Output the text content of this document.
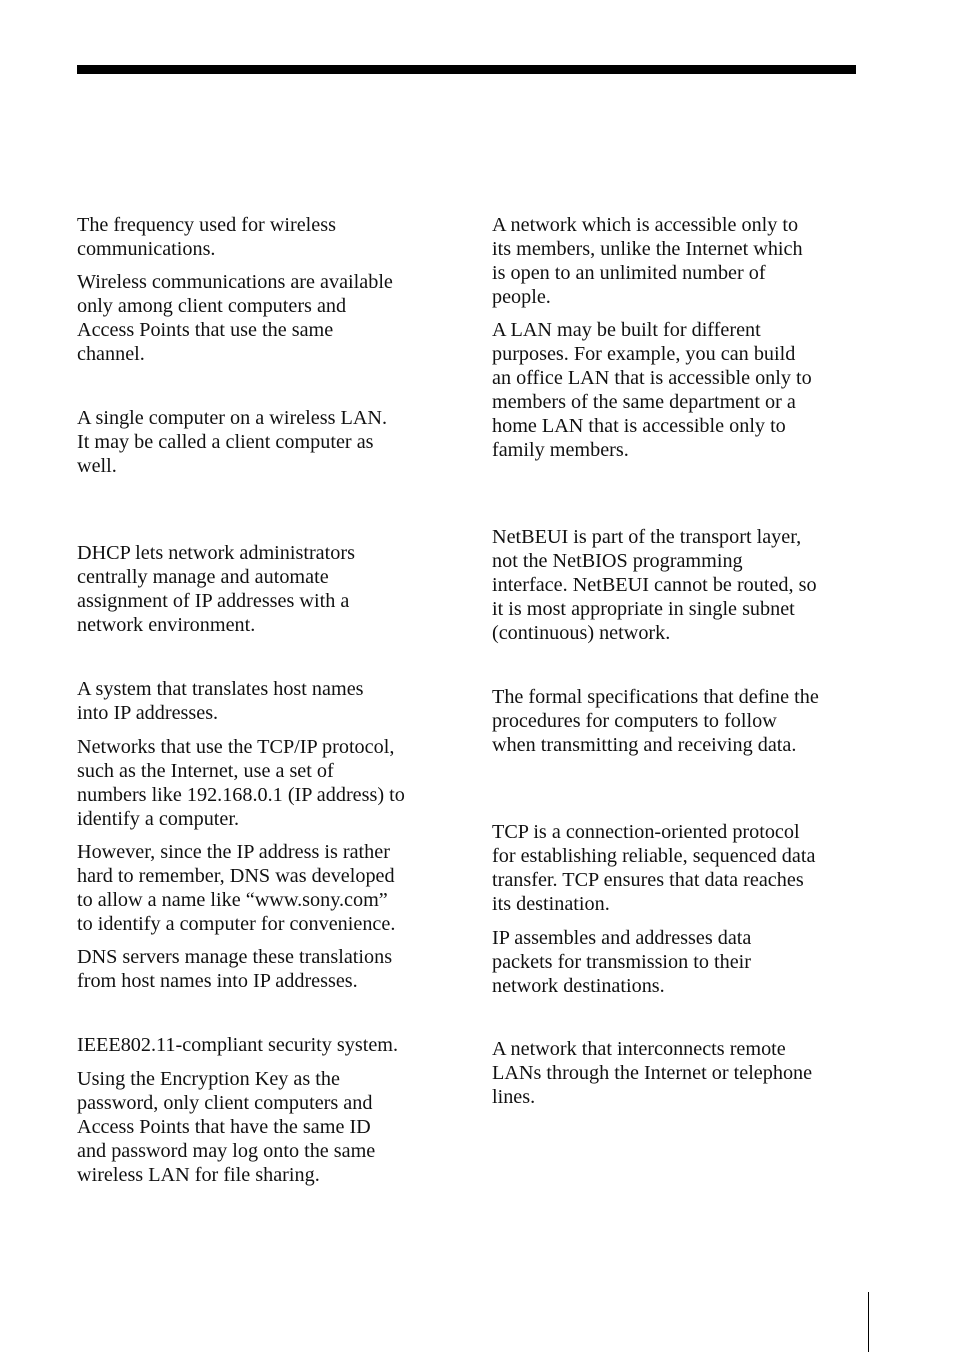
The frequency used for wireless
communications.

Wireless communications are available
only among client computers and
Access Points that use the same
channel.

A single computer on a wireless LAN.
It may be called a client computer as
well.

DHCP lets network administrators
centrally manage and automate
assignment of IP addresses with a
network environment.

A system that translates host names
into IP addresses.

Networks that use the TCP/IP protocol,
such as the Internet, use a set of
numbers like 192.168.0.1 (IP address) to
identify a computer.

However, since the IP address is rather
hard to remember, DNS was developed
to allow a name like “www.sony.com”
to identify a computer for convenience.

DNS servers manage these translations
from host names into IP addresses.

IEEE802.11-compliant security system.

Using the Encryption Key as the
password, only client computers and
Access Points that have the same ID
and password may log onto the same
wireless LAN for file sharing.

A network which is accessible only to
its members, unlike the Internet which
is open to an unlimited number of
people.

A LAN may be built for different
purposes. For example, you can build
an office LAN that is accessible only to
members of the same department or a
home LAN that is accessible only to
family members.

NetBEUI is part of the transport layer,
not the NetBIOS programming
interface. NetBEUI cannot be routed, so
it is most appropriate in single subnet
(continuous) network.

The formal specifications that define the
procedures for computers to follow
when transmitting and receiving data.

TCP is a connection-oriented protocol
for establishing reliable, sequenced data
transfer. TCP ensures that data reaches
its destination.

IP assembles and addresses data
packets for transmission to their
network destinations.

A network that interconnects remote
LANs through the Internet or telephone
lines.
